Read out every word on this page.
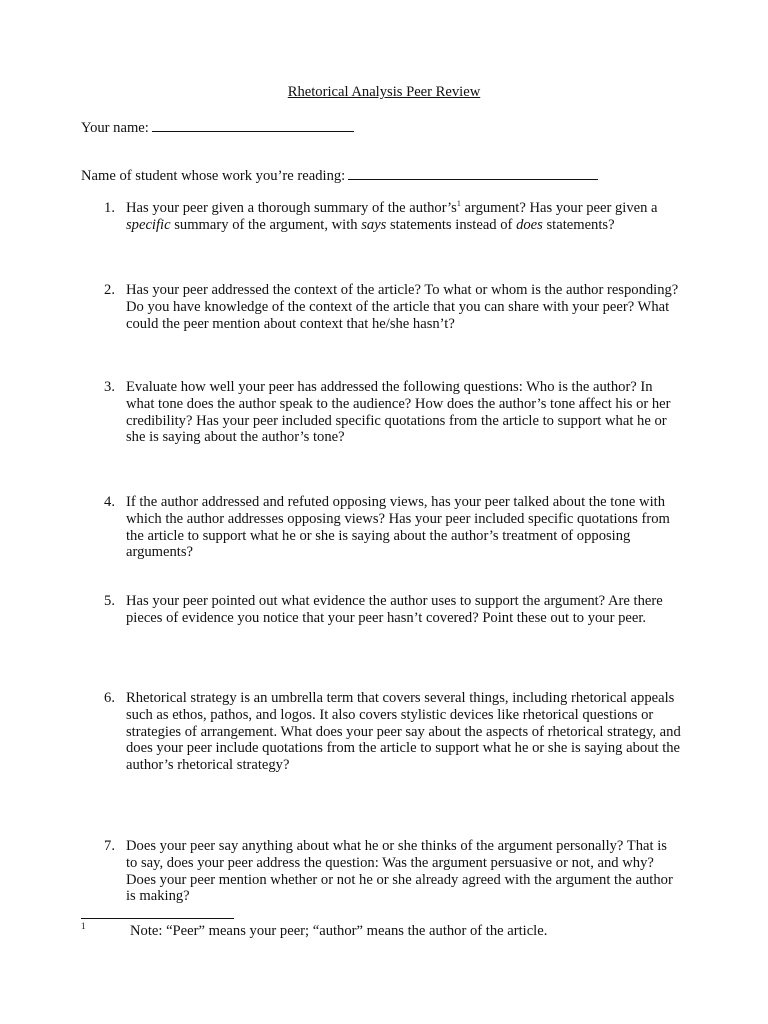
Rhetorical Analysis Peer Review
Your name:
Name of student whose work you’re reading:
1. Has your peer given a thorough summary of the author’s$^1$ argument? Has your peer given a specific summary of the argument, with says statements instead of does statements?
2. Has your peer addressed the context of the article? To what or whom is the author responding? Do you have knowledge of the context of the article that you can share with your peer? What could the peer mention about context that he/she hasn’t?
3. Evaluate how well your peer has addressed the following questions: Who is the author? In what tone does the author speak to the audience? How does the author’s tone affect his or her credibility? Has your peer included specific quotations from the article to support what he or she is saying about the author’s tone?
4. If the author addressed and refuted opposing views, has your peer talked about the tone with which the author addresses opposing views? Has your peer included specific quotations from the article to support what he or she is saying about the author’s treatment of opposing arguments?
5. Has your peer pointed out what evidence the author uses to support the argument? Are there pieces of evidence you notice that your peer hasn’t covered? Point these out to your peer.
6. Rhetorical strategy is an umbrella term that covers several things, including rhetorical appeals such as ethos, pathos, and logos. It also covers stylistic devices like rhetorical questions or strategies of arrangement. What does your peer say about the aspects of rhetorical strategy, and does your peer include quotations from the article to support what he or she is saying about the author’s rhetorical strategy?
7. Does your peer say anything about what he or she thinks of the argument personally? That is to say, does your peer address the question: Was the argument persuasive or not, and why? Does your peer mention whether or not he or she already agreed with the argument the author is making?
1	Note: “Peer” means your peer; “author” means the author of the article.
